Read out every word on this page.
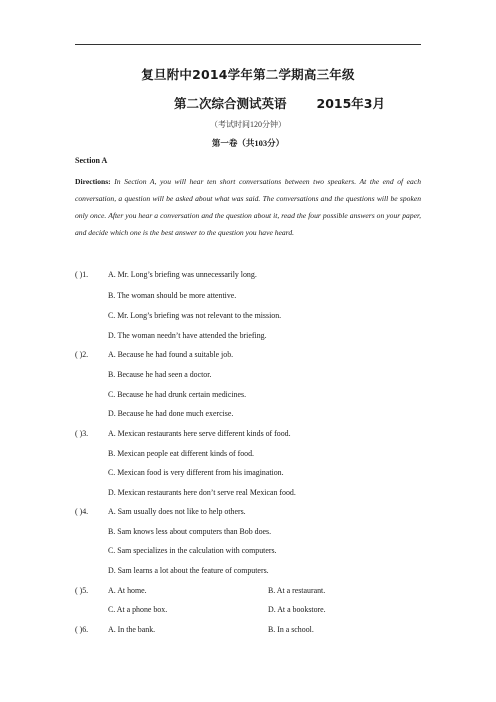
复旦附中2014学年第二学期高三年级
第二次综合测试英语 2015年3月
（考试时间120分钟）
第一卷（共103分）
Section A
Directions: In Section A, you will hear ten short conversations between two speakers. At the end of each conversation, a question will be asked about what was said. The conversations and the questions will be spoken only once. After you hear a conversation and the question about it, read the four possible answers on your paper, and decide which one is the best answer to the question you have heard.
( )1.	A. Mr. Long’s briefing was unnecessarily long.
B. The woman should be more attentive.
C. Mr. Long’s briefing was not relevant to the mission.
D. The woman needn’t have attended the briefing.
( )2.	A. Because he had found a suitable job.
B. Because he had seen a doctor.
C. Because he had drunk certain medicines.
D. Because he had done much exercise.
( )3.	A. Mexican restaurants here serve different kinds of food.
B. Mexican people eat different kinds of food.
C. Mexican food is very different from his imagination.
D. Mexican restaurants here don’t serve real Mexican food.
( )4.	A. Sam usually does not like to help others.
B. Sam knows less about computers than Bob does.
C. Sam specializes in the calculation with computers.
D. Sam learns a lot about the feature of computers.
( )5.	A. At home.	B. At a restaurant.
C. At a phone box.	D. At a bookstore.
( )6.	A. In the bank.	B. In a school.
